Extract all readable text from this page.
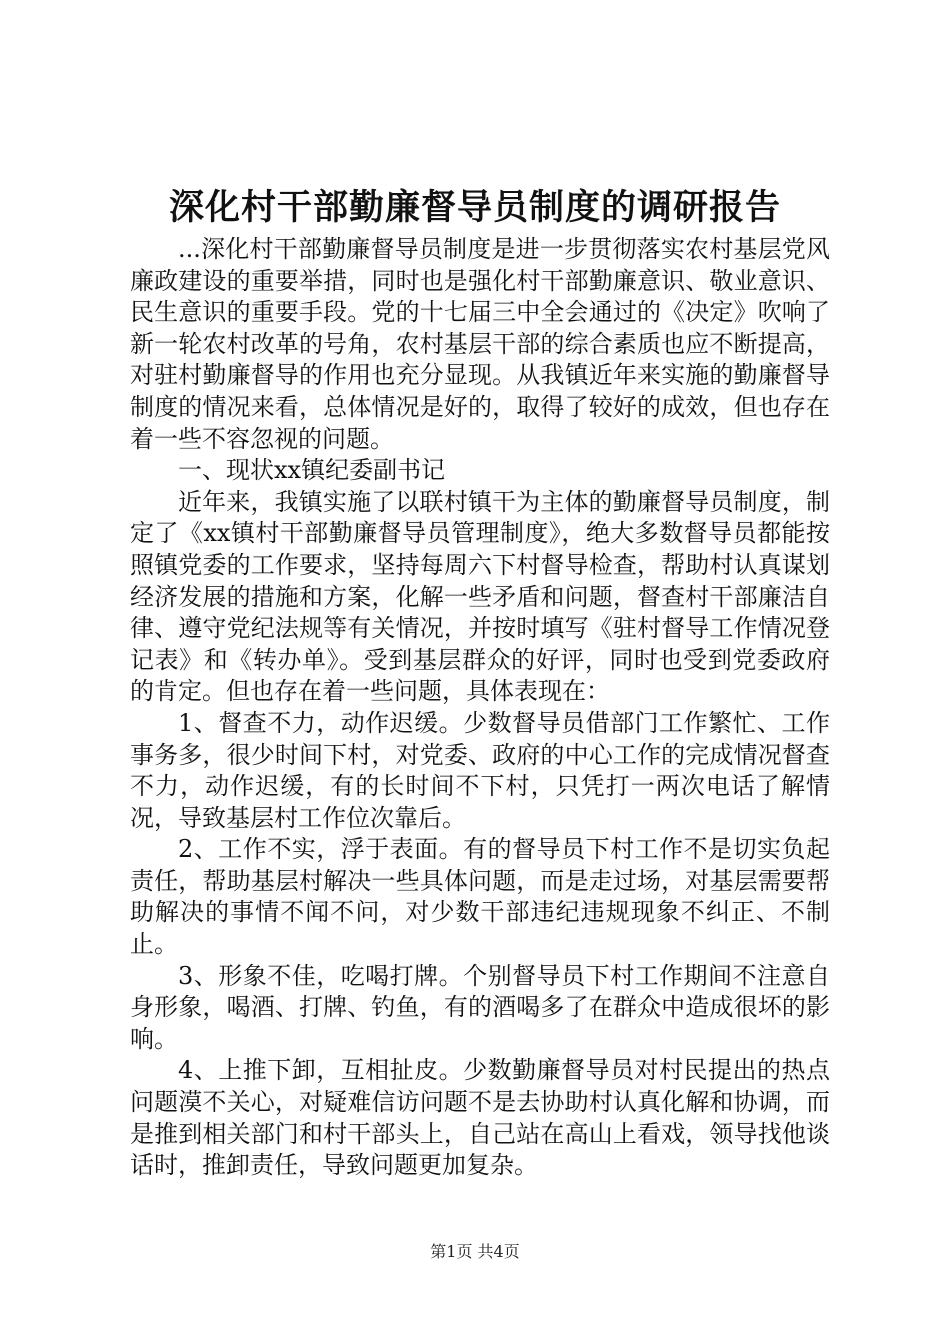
深化村干部勤廉督导员制度的调研报告

...深化村干部勤廉督导员制度是进一步贯彻落实农村基层党风廉政建设的重要举措，同时也是强化村干部勤廉意识、敬业意识、民生意识的重要手段。党的十七届三中全会通过的《决定》吹响了新一轮农村改革的号角，农村基层干部的综合素质也应不断提高，对驻村勤廉督导的作用也充分显现。从我镇近年来实施的勤廉督导制度的情况来看，总体情况是好的，取得了较好的成效，但也存在着一些不容忽视的问题。

一、现状xx镇纪委副书记

近年来，我镇实施了以联村镇干为主体的勤廉督导员制度，制定了《xx镇村干部勤廉督导员管理制度》，绝大多数督导员都能按照镇党委的工作要求，坚持每周六下村督导检查，帮助村认真谋划经济发展的措施和方案，化解一些矛盾和问题，督查村干部廉洁自律、遵守党纪法规等有关情况，并按时填写《驻村督导工作情况登记表》和《转办单》。受到基层群众的好评，同时也受到党委政府的肯定。但也存在着一些问题，具体表现在：

1、督查不力，动作迟缓。少数督导员借部门工作繁忙、工作事务多，很少时间下村，对党委、政府的中心工作的完成情况督查不力，动作迟缓，有的长时间不下村，只凭打一两次电话了解情况，导致基层村工作位次靠后。

2、工作不实，浮于表面。有的督导员下村工作不是切实负起责任，帮助基层村解决一些具体问题，而是走过场，对基层需要帮助解决的事情不闻不问，对少数干部违纪违规现象不纠正、不制止。

3、形象不佳，吃喝打牌。个别督导员下村工作期间不注意自身形象，喝酒、打牌、钓鱼，有的酒喝多了在群众中造成很坏的影响。

4、上推下卸，互相扯皮。少数勤廉督导员对村民提出的热点问题漠不关心，对疑难信访问题不是去协助村认真化解和协调，而是推到相关部门和村干部头上，自己站在高山上看戏，领导找他谈话时，推卸责任，导致问题更加复杂。

第1页 共4页
